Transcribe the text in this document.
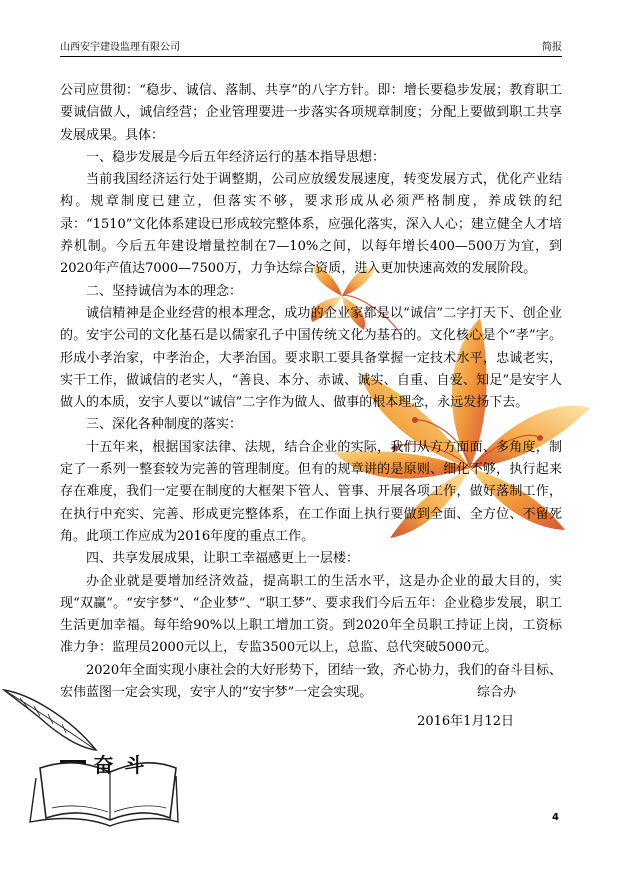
山西安宇建设监理有限公司	简报

公司应贯彻：“稳步、诚信、落制、共享”的八字方针。即：增长要稳步发展；教育职工要诚信做人，诚信经营；企业管理要进一步落实各项规章制度；分配上要做到职工共享发展成果。具体：

一、稳步发展是今后五年经济运行的基本指导思想：

当前我国经济运行处于调整期，公司应放缓发展速度，转变发展方式，优化产业结构。规章制度已建立，但落实不够，要求形成从必须严格制度，养成铁的纪录：“1510”文化体系建设已形成较完整体系，应强化落实，深入人心；建立健全人才培养机制。今后五年建设增量控制在7—10%之间，以每年增长400—500万为宜，到2020年产值达7000—7500万，力争达综合资质，进入更加快速高效的发展阶段。

二、坚持诚信为本的理念：

诚信精神是企业经营的根本理念，成功的企业家都是以“诚信”二字打天下、创企业的。安宇公司的文化基石是以儒家孔子中国传统文化为基石的。文化核心是个“孝”字。形成小孝治家，中孝治企，大孝治国。要求职工要具备掌握一定技术水平，忠诚老实，实干工作，做诚信的老实人，“善良、本分、赤诚、诚实、自重、自爱、知足”是安宇人做人的本质，安宇人要以“诚信”二字作为做人、做事的根本理念，永远发扬下去。

三、深化各种制度的落实：

十五年来，根据国家法律、法规，结合企业的实际，我们从方方面面、多角度，制定了一系列一整套较为完善的管理制度。但有的规章讲的是原则、细化不够，执行起来存在难度，我们一定要在制度的大框架下管人、管事、开展各项工作，做好落制工作，在执行中充实、完善、形成更完整体系，在工作面上执行要做到全面、全方位、不留死角。此项工作应成为2016年度的重点工作。

四、共享发展成果，让职工幸福感更上一层楼：

办企业就是要增加经济效益，提高职工的生活水平，这是办企业的最大目的，实现“双赢”。“安宇梦”、“企业梦”、“职工梦”、要求我们今后五年：企业稳步发展，职工生活更加幸福。每年给90%以上职工增加工资。到2020年全员职工持证上岗，工资标准力争：监理员2000元以上，专监3500元以上，总监、总代突破5000元。

2020年全面实现小康社会的大好形势下，团结一致，齐心协力，我们的奋斗目标、宏伟蓝图一定会实现，安宇人的“安宇梦”一定会实现。	综合办

2016年1月12日

奋 斗
4
